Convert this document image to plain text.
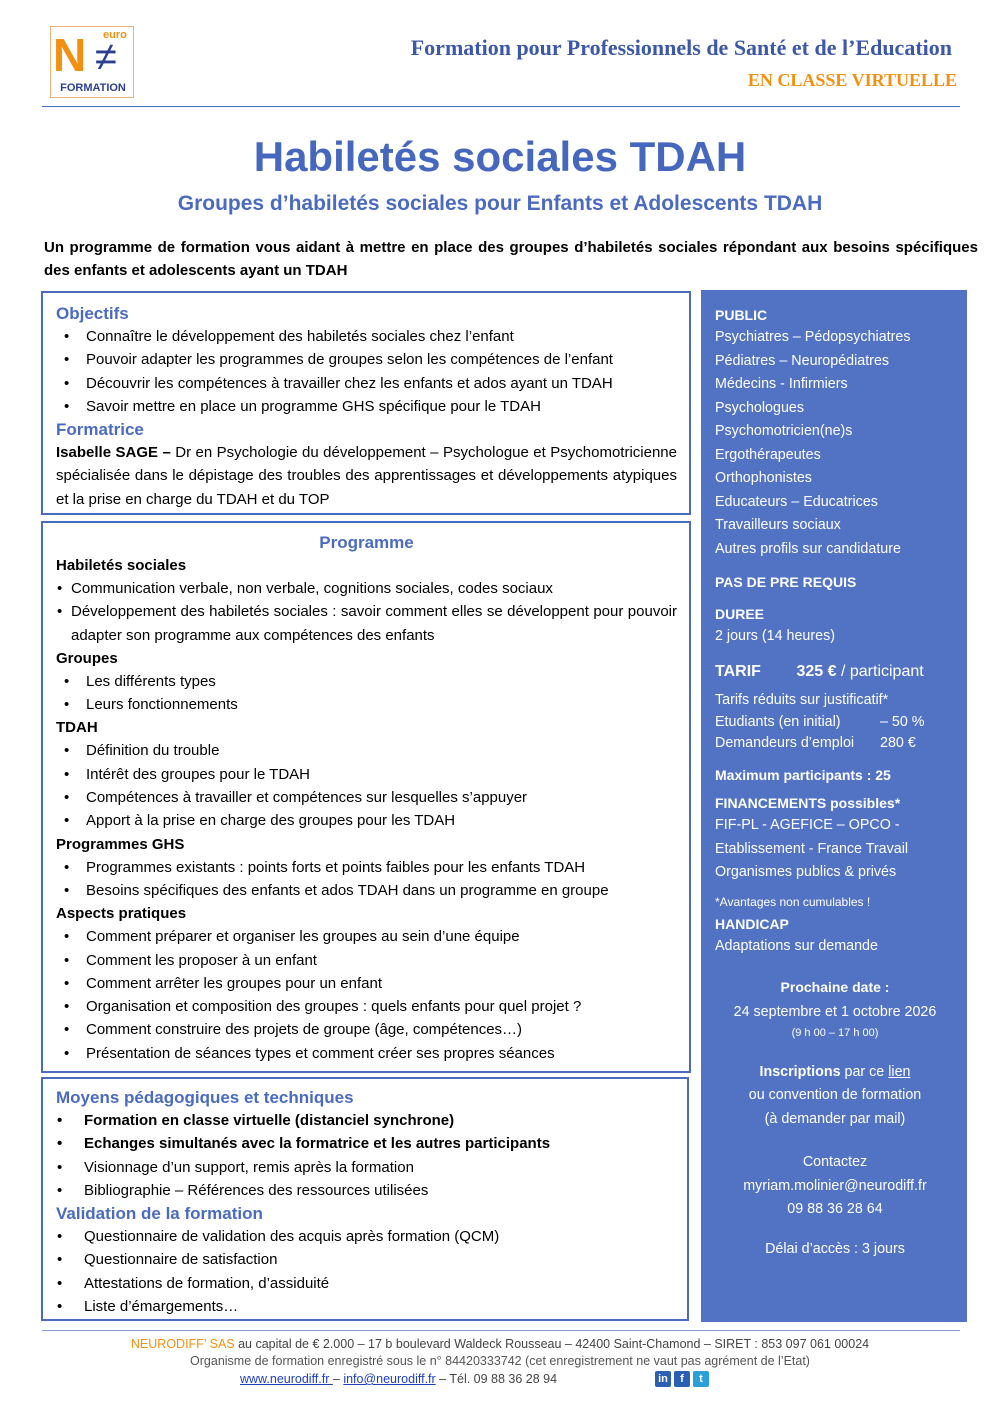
N euro
≠
FORMATION
Formation pour Professionnels de Santé et de l’Education
EN CLASSE VIRTUELLE
Habiletés sociales TDAH
Groupes d’habiletés sociales pour Enfants et Adolescents TDAH
Un programme de formation vous aidant à mettre en place des groupes d’habiletés sociales répondant aux besoins spécifiques des enfants et adolescents ayant un TDAH
Objectifs
• Connaître le développement des habiletés sociales chez l’enfant
• Pouvoir adapter les programmes de groupes selon les compétences de l’enfant
• Découvrir les compétences à travailler chez les enfants et ados ayant un TDAH
• Savoir mettre en place un programme GHS spécifique pour le TDAH
Formatrice
Isabelle SAGE – Dr en Psychologie du développement – Psychologue et Psychomotricienne spécialisée dans le dépistage des troubles des apprentissages et développements atypiques et la prise en charge du TDAH et du TOP
Programme
Habiletés sociales
• Communication verbale, non verbale, cognitions sociales, codes sociaux
• Développement des habiletés sociales : savoir comment elles se développent pour pouvoir adapter son programme aux compétences des enfants
Groupes
• Les différents types
• Leurs fonctionnements
TDAH
• Définition du trouble
• Intérêt des groupes pour le TDAH
• Compétences à travailler et compétences sur lesquelles s’appuyer
• Apport à la prise en charge des groupes pour les TDAH
Programmes GHS
• Programmes existants : points forts et points faibles pour les enfants TDAH
• Besoins spécifiques des enfants et ados TDAH dans un programme en groupe
Aspects pratiques
• Comment préparer et organiser les groupes au sein d’une équipe
• Comment les proposer à un enfant
• Comment arrêter les groupes pour un enfant
• Organisation et composition des groupes : quels enfants pour quel projet ?
• Comment construire des projets de groupe (âge, compétences…)
• Présentation de séances types et comment créer ses propres séances
Moyens pédagogiques et techniques
• Formation en classe virtuelle (distanciel synchrone)
• Echanges simultanés avec la formatrice et les autres participants
• Visionnage d’un support, remis après la formation
• Bibliographie – Références des ressources utilisées
Validation de la formation
• Questionnaire de validation des acquis après formation (QCM)
• Questionnaire de satisfaction
• Attestations de formation, d’assiduité
• Liste d’émargements…
PUBLIC
Psychiatres – Pédopsychiatres
Pédiatres – Neuropédiatres
Médecins - Infirmiers
Psychologues
Psychomotricien(ne)s
Ergothérapeutes
Orthophonistes
Educateurs – Educatrices
Travailleurs sociaux
Autres profils sur candidature
PAS DE PRE REQUIS
DUREE
2 jours (14 heures)
TARIF 325 € / participant
Tarifs réduits sur justificatif*
Etudiants (en initial)	– 50 %
Demandeurs d’emploi	280 €
Maximum participants : 25
FINANCEMENTS possibles*
FIF-PL - AGEFICE – OPCO -
Etablissement - France Travail
Organismes publics & privés
*Avantages non cumulables !
HANDICAP
Adaptations sur demande
Prochaine date :
24 septembre et 1 octobre 2026
(9 h 00 – 17 h 00)
Inscriptions par ce lien
ou convention de formation
(à demander par mail)
Contactez
myriam.molinier@neurodiff.fr
09 88 36 28 64
Délai d’accès : 3 jours
NEURODIFF’ SAS au capital de € 2.000 – 17 b boulevard Waldeck Rousseau – 42400 Saint-Chamond – SIRET : 853 097 061 00024
Organisme de formation enregistré sous le n° 84420333742 (cet enregistrement ne vaut pas agrément de l’Etat)
www.neurodiff.fr – info@neurodiff.fr – Tél. 09 88 36 28 94	in	f	t
